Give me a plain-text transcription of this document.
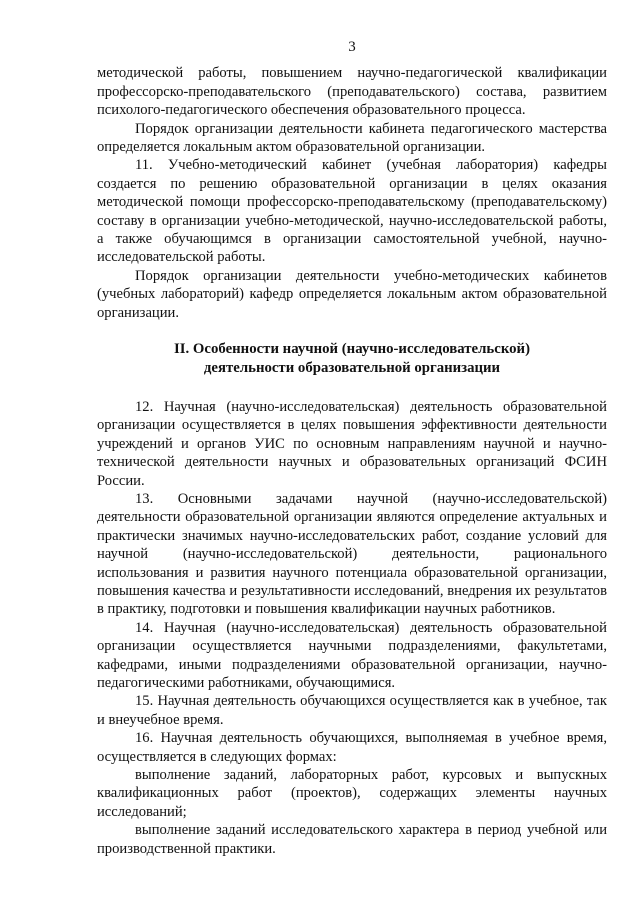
3

методической работы, повышением научно-педагогической квалификации профессорско-преподавательского (преподавательского) состава, развитием психолого-педагогического обеспечения образовательного процесса.

Порядок организации деятельности кабинета педагогического мастерства определяется локальным актом образовательной организации.

11. Учебно-методический кабинет (учебная лаборатория) кафедры создается по решению образовательной организации в целях оказания методической помощи профессорско-преподавательскому (преподавательскому) составу в организации учебно-методической, научно-исследовательской работы, а также обучающимся в организации самостоятельной учебной, научно-исследовательской работы.

Порядок организации деятельности учебно-методических кабинетов (учебных лабораторий) кафедр определяется локальным актом образовательной организации.

II. Особенности научной (научно-исследовательской)
деятельности образовательной организации

12. Научная (научно-исследовательская) деятельность образовательной организации осуществляется в целях повышения эффективности деятельности учреждений и органов УИС по основным направлениям научной и научно-технической деятельности научных и образовательных организаций ФСИН России.

13. Основными задачами научной (научно-исследовательской) деятельности образовательной организации являются определение актуальных и практически значимых научно-исследовательских работ, создание условий для научной (научно-исследовательской) деятельности, рационального использования и развития научного потенциала образовательной организации, повышения качества и результативности исследований, внедрения их результатов в практику, подготовки и повышения квалификации научных работников.

14. Научная (научно-исследовательская) деятельность образовательной организации осуществляется научными подразделениями, факультетами, кафедрами, иными подразделениями образовательной организации, научно-педагогическими работниками, обучающимися.

15. Научная деятельность обучающихся осуществляется как в учебное, так и внеучебное время.

16. Научная деятельность обучающихся, выполняемая в учебное время, осуществляется в следующих формах:

выполнение заданий, лабораторных работ, курсовых и выпускных квалификационных работ (проектов), содержащих элементы научных исследований;

выполнение заданий исследовательского характера в период учебной или производственной практики.
